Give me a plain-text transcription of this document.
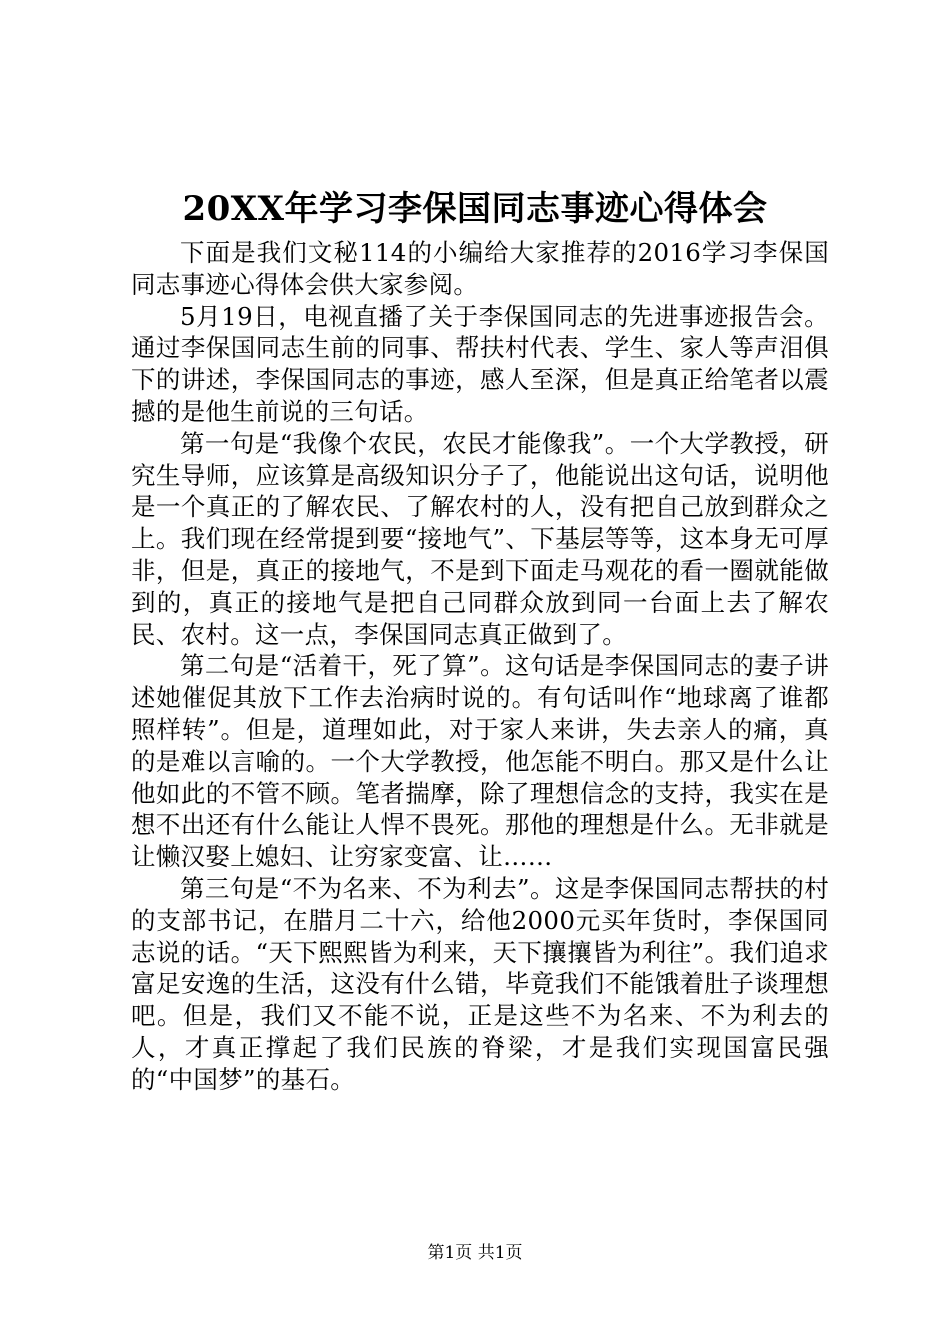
20XX年学习李保国同志事迹心得体会

下面是我们文秘114的小编给大家推荐的2016学习李保国同志事迹心得体会供大家参阅。

5月19日，电视直播了关于李保国同志的先进事迹报告会。通过李保国同志生前的同事、帮扶村代表、学生、家人等声泪俱下的讲述，李保国同志的事迹，感人至深，但是真正给笔者以震撼的是他生前说的三句话。

第一句是“我像个农民，农民才能像我”。一个大学教授，研究生导师，应该算是高级知识分子了，他能说出这句话，说明他是一个真正的了解农民、了解农村的人，没有把自己放到群众之上。我们现在经常提到要“接地气”、下基层等等，这本身无可厚非，但是，真正的接地气，不是到下面走马观花的看一圈就能做到的，真正的接地气是把自己同群众放到同一台面上去了解农民、农村。这一点，李保国同志真正做到了。

第二句是“活着干，死了算”。这句话是李保国同志的妻子讲述她催促其放下工作去治病时说的。有句话叫作“地球离了谁都照样转”。但是，道理如此，对于家人来讲，失去亲人的痛，真的是难以言喻的。一个大学教授，他怎能不明白。那又是什么让他如此的不管不顾。笔者揣摩，除了理想信念的支持，我实在是想不出还有什么能让人悍不畏死。那他的理想是什么。无非就是让懒汉娶上媳妇、让穷家变富、让……

第三句是“不为名来、不为利去”。这是李保国同志帮扶的村的支部书记，在腊月二十六，给他2000元买年货时，李保国同志说的话。“天下熙熙皆为利来，天下攘攘皆为利往”。我们追求富足安逸的生活，这没有什么错，毕竟我们不能饿着肚子谈理想吧。但是，我们又不能不说，正是这些不为名来、不为利去的人，才真正撑起了我们民族的脊梁，才是我们实现国富民强的“中国梦”的基石。

第1页 共1页
